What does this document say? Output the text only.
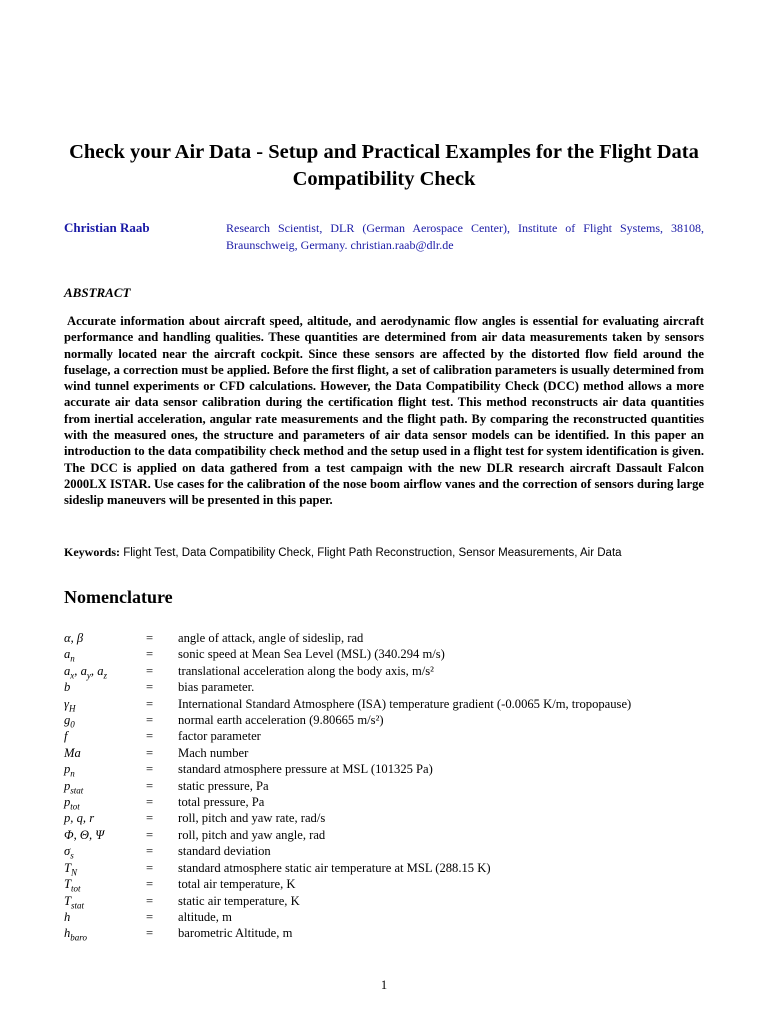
Check your Air Data - Setup and Practical Examples for the Flight Data Compatibility Check
Christian Raab	Research Scientist, DLR (German Aerospace Center), Institute of Flight Systems, 38108, Braunschweig, Germany. christian.raab@dlr.de
ABSTRACT
Accurate information about aircraft speed, altitude, and aerodynamic flow angles is essential for evaluating aircraft performance and handling qualities. These quantities are determined from air data measurements taken by sensors normally located near the aircraft cockpit. Since these sensors are affected by the distorted flow field around the fuselage, a correction must be applied. Before the first flight, a set of calibration parameters is usually determined from wind tunnel experiments or CFD calculations. However, the Data Compatibility Check (DCC) method allows a more accurate air data sensor calibration during the certification flight test. This method reconstructs air data quantities from inertial acceleration, angular rate measurements and the flight path. By comparing the reconstructed quantities with the measured ones, the structure and parameters of air data sensor models can be identified. In this paper an introduction to the data compatibility check method and the setup used in a flight test for system identification is given. The DCC is applied on data gathered from a test campaign with the new DLR research aircraft Dassault Falcon 2000LX ISTAR. Use cases for the calibration of the nose boom airflow vanes and the correction of sensors during large sideslip maneuvers will be presented in this paper.
Keywords: Flight Test, Data Compatibility Check, Flight Path Reconstruction, Sensor Measurements, Air Data
Nomenclature
α, β	=	angle of attack, angle of sideslip, rad
$a_n$	=	sonic speed at Mean Sea Level (MSL) (340.294 m/s)
$a_x$, $a_y$, $a_z$	=	translational acceleration along the body axis, m/s²
b	=	bias parameter.
$\gamma_H$	=	International Standard Atmosphere (ISA) temperature gradient (-0.0065 K/m, tropopause)
$g_0$	=	normal earth acceleration (9.80665 m/s²)
f	=	factor parameter
Ma	=	Mach number
$p_n$	=	standard atmosphere pressure at MSL (101325 Pa)
$p_{stat}$	=	static pressure, Pa
$p_{tot}$	=	total pressure, Pa
p, q, r	=	roll, pitch and yaw rate, rad/s
Φ, Θ, Ψ	=	roll, pitch and yaw angle, rad
$\sigma_s$	=	standard deviation
$T_N$	=	standard atmosphere static air temperature at MSL (288.15 K)
$T_{tot}$	=	total air temperature, K
$T_{stat}$	=	static air temperature, K
h	=	altitude, m
$h_{baro}$	=	barometric Altitude, m
1
